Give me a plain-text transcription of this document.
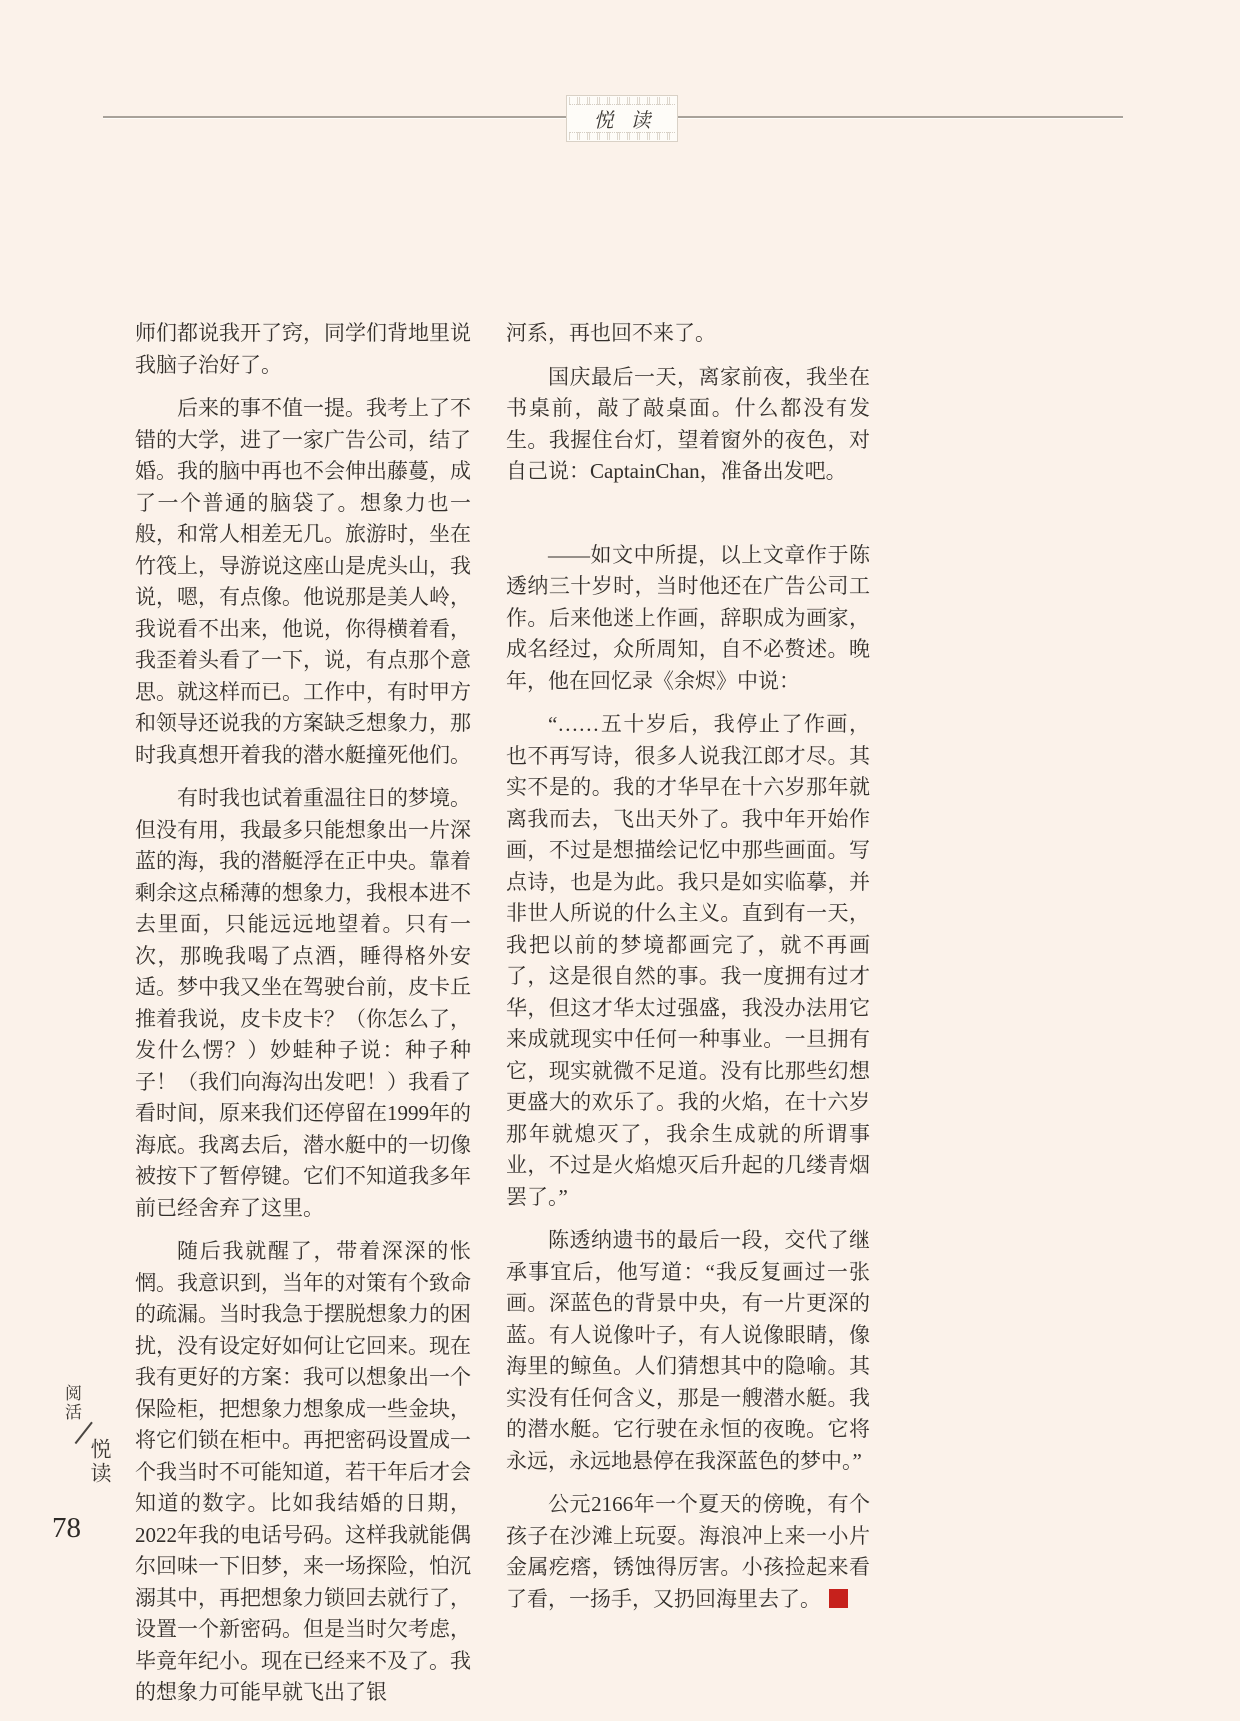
悦 读

师们都说我开了窍，同学们背地里说我脑子治好了。

后来的事不值一提。我考上了不错的大学，进了一家广告公司，结了婚。我的脑中再也不会伸出藤蔓，成了一个普通的脑袋了。想象力也一般，和常人相差无几。旅游时，坐在竹筏上，导游说这座山是虎头山，我说，嗯，有点像。他说那是美人岭，我说看不出来，他说，你得横着看，我歪着头看了一下，说，有点那个意思。就这样而已。工作中，有时甲方和领导还说我的方案缺乏想象力，那时我真想开着我的潜水艇撞死他们。

有时我也试着重温往日的梦境。但没有用，我最多只能想象出一片深蓝的海，我的潜艇浮在正中央。靠着剩余这点稀薄的想象力，我根本进不去里面，只能远远地望着。只有一次，那晚我喝了点酒，睡得格外安适。梦中我又坐在驾驶台前，皮卡丘推着我说，皮卡皮卡？（你怎么了，发什么愣？）妙蛙种子说：种子种子！（我们向海沟出发吧！）我看了看时间，原来我们还停留在1999年的海底。我离去后，潜水艇中的一切像被按下了暂停键。它们不知道我多年前已经舍弃了这里。

随后我就醒了，带着深深的怅惘。我意识到，当年的对策有个致命的疏漏。当时我急于摆脱想象力的困扰，没有设定好如何让它回来。现在我有更好的方案：我可以想象出一个保险柜，把想象力想象成一些金块，将它们锁在柜中。再把密码设置成一个我当时不可能知道，若干年后才会知道的数字。比如我结婚的日期，2022年我的电话号码。这样我就能偶尔回味一下旧梦，来一场探险，怕沉溺其中，再把想象力锁回去就行了，设置一个新密码。但是当时欠考虑，毕竟年纪小。现在已经来不及了。我的想象力可能早就飞出了银

河系，再也回不来了。

国庆最后一天，离家前夜，我坐在书桌前，敲了敲桌面。什么都没有发生。我握住台灯，望着窗外的夜色，对自己说：CaptainChan，准备出发吧。

——如文中所提，以上文章作于陈透纳三十岁时，当时他还在广告公司工作。后来他迷上作画，辞职成为画家，成名经过，众所周知，自不必赘述。晚年，他在回忆录《余烬》中说：

“……五十岁后，我停止了作画，也不再写诗，很多人说我江郎才尽。其实不是的。我的才华早在十六岁那年就离我而去，飞出天外了。我中年开始作画，不过是想描绘记忆中那些画面。写点诗，也是为此。我只是如实临摹，并非世人所说的什么主义。直到有一天，我把以前的梦境都画完了，就不再画了，这是很自然的事。我一度拥有过才华，但这才华太过强盛，我没办法用它来成就现实中任何一种事业。一旦拥有它，现实就微不足道。没有比那些幻想更盛大的欢乐了。我的火焰，在十六岁那年就熄灭了，我余生成就的所谓事业，不过是火焰熄灭后升起的几缕青烟罢了。”

陈透纳遗书的最后一段，交代了继承事宜后，他写道：“我反复画过一张画。深蓝色的背景中央，有一片更深的蓝。有人说像叶子，有人说像眼睛，像海里的鲸鱼。人们猜想其中的隐喻。其实没有任何含义，那是一艘潜水艇。我的潜水艇。它行驶在永恒的夜晚。它将永远，永远地悬停在我深蓝色的梦中。”

公元2166年一个夏天的傍晚，有个孩子在沙滩上玩耍。海浪冲上来一小片金属疙瘩，锈蚀得厉害。小孩捡起来看了看，一扬手，又扔回海里去了。

阅活
悦读
78
